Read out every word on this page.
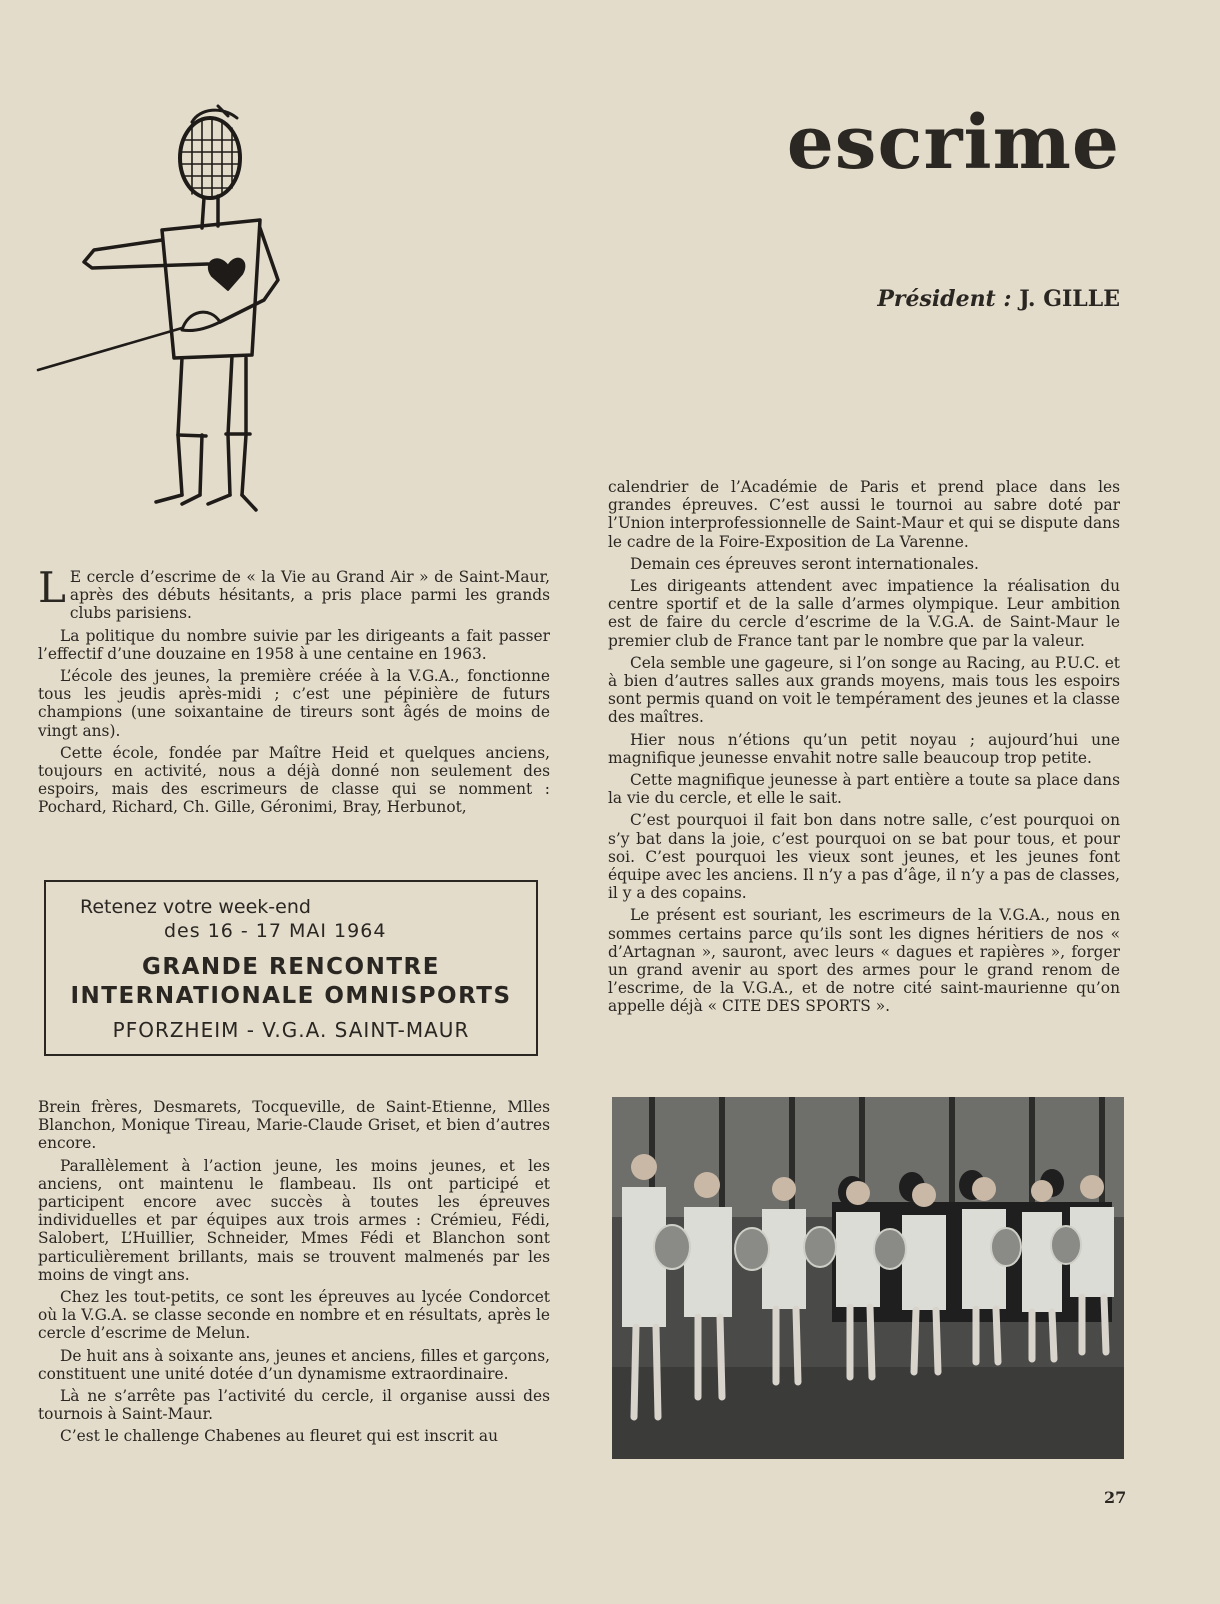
escrime
Président : J. GILLE

L E cercle d’escrime de « la Vie au Grand Air » de Saint-Maur, après des débuts hésitants, a pris place parmi les grands clubs parisiens.

La politique du nombre suivie par les dirigeants a fait passer l’effectif d’une douzaine en 1958 à une centaine en 1963.

L’école des jeunes, la première créée à la V.G.A., fonctionne tous les jeudis après-midi ; c’est une pépinière de futurs champions (une soixantaine de tireurs sont âgés de moins de vingt ans).

Cette école, fondée par Maître Heid et quelques anciens, toujours en activité, nous a déjà donné non seulement des espoirs, mais des escrimeurs de classe qui se nomment : Pochard, Richard, Ch. Gille, Géronimi, Bray, Herbunot,

Retenez votre week-end
des 16 - 17 MAI 1964
GRANDE RENCONTRE
INTERNATIONALE OMNISPORTS
PFORZHEIM - V.G.A. SAINT-MAUR

Brein frères, Desmarets, Tocqueville, de Saint-Etienne, Mlles Blanchon, Monique Tireau, Marie-Claude Griset, et bien d’autres encore.

Parallèlement à l’action jeune, les moins jeunes, et les anciens, ont maintenu le flambeau. Ils ont participé et participent encore avec succès à toutes les épreuves individuelles et par équipes aux trois armes : Crémieu, Fédi, Salobert, L’Huillier, Schneider, Mmes Fédi et Blanchon sont particulièrement brillants, mais se trouvent malmenés par les moins de vingt ans.

Chez les tout-petits, ce sont les épreuves au lycée Condorcet où la V.G.A. se classe seconde en nombre et en résultats, après le cercle d’escrime de Melun.

De huit ans à soixante ans, jeunes et anciens, filles et garçons, constituent une unité dotée d’un dynamisme extraordinaire.

Là ne s’arrête pas l’activité du cercle, il organise aussi des tournois à Saint-Maur.

C’est le challenge Chabenes au fleuret qui est inscrit au

calendrier de l’Académie de Paris et prend place dans les grandes épreuves. C’est aussi le tournoi au sabre doté par l’Union interprofessionnelle de Saint-Maur et qui se dispute dans le cadre de la Foire-Exposition de La Varenne.

Demain ces épreuves seront internationales.

Les dirigeants attendent avec impatience la réalisation du centre sportif et de la salle d’armes olympique. Leur ambition est de faire du cercle d’escrime de la V.G.A. de Saint-Maur le premier club de France tant par le nombre que par la valeur.

Cela semble une gageure, si l’on songe au Racing, au P.U.C. et à bien d’autres salles aux grands moyens, mais tous les espoirs sont permis quand on voit le tempérament des jeunes et la classe des maîtres.

Hier nous n’étions qu’un petit noyau ; aujourd’hui une magnifique jeunesse envahit notre salle beaucoup trop petite.

Cette magnifique jeunesse à part entière a toute sa place dans la vie du cercle, et elle le sait.

C’est pourquoi il fait bon dans notre salle, c’est pourquoi on s’y bat dans la joie, c’est pourquoi on se bat pour tous, et pour soi. C’est pourquoi les vieux sont jeunes, et les jeunes font équipe avec les anciens. Il n’y a pas d’âge, il n’y a pas de classes, il y a des copains.

Le présent est souriant, les escrimeurs de la V.G.A., nous en sommes certains parce qu’ils sont les dignes héritiers de nos « d’Artagnan », sauront, avec leurs « dagues et rapières », forger un grand avenir au sport des armes pour le grand renom de l’escrime, de la V.G.A., et de notre cité saint-maurienne qu’on appelle déjà « CITE DES SPORTS ».

27
